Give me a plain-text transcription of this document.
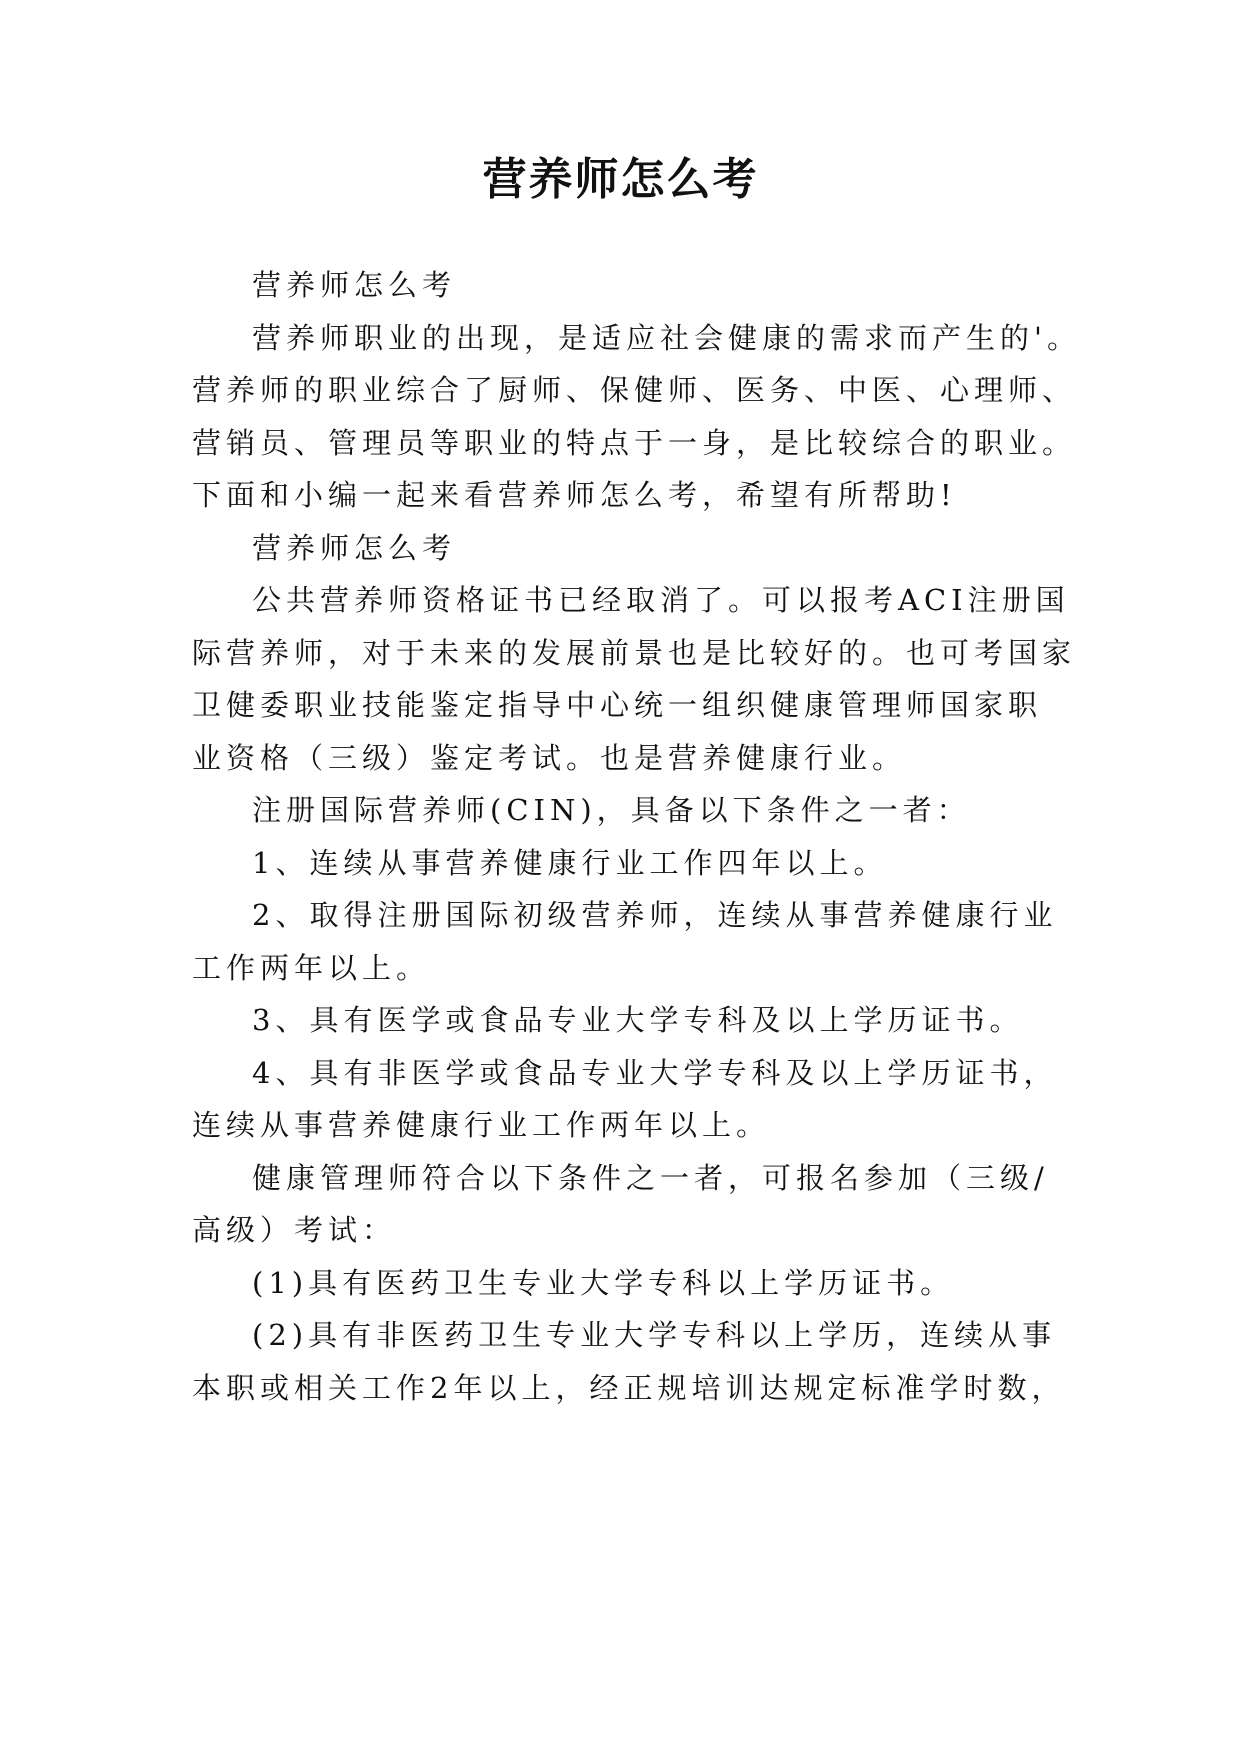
营养师怎么考

营养师怎么考

营养师职业的出现，是适应社会健康的需求而产生的'。

营养师的职业综合了厨师、保健师、医务、中医、心理师、

营销员、管理员等职业的特点于一身，是比较综合的职业。

下面和小编一起来看营养师怎么考，希望有所帮助!

营养师怎么考

公共营养师资格证书已经取消了。可以报考ACI注册国

际营养师，对于未来的发展前景也是比较好的。也可考国家

卫健委职业技能鉴定指导中心统一组织健康管理师国家职

业资格（三级）鉴定考试。也是营养健康行业。

注册国际营养师(CIN)，具备以下条件之一者：

1、连续从事营养健康行业工作四年以上。

2、取得注册国际初级营养师，连续从事营养健康行业

工作两年以上。

3、具有医学或食品专业大学专科及以上学历证书。

4、具有非医学或食品专业大学专科及以上学历证书，

连续从事营养健康行业工作两年以上。

健康管理师符合以下条件之一者，可报名参加（三级/

高级）考试：

(1)具有医药卫生专业大学专科以上学历证书。

(2)具有非医药卫生专业大学专科以上学历，连续从事

本职或相关工作2年以上，经正规培训达规定标准学时数，
